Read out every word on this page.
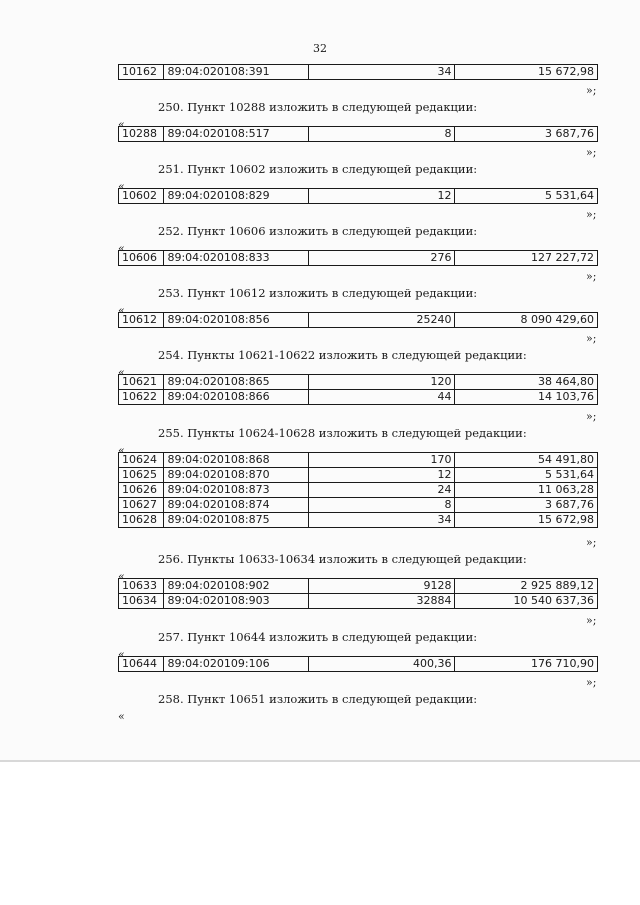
32
10162	89:04:020108:391	34	15 672,98
»;
250. Пункт 10288 изложить в следующей редакции:
«
10288	89:04:020108:517	8	3 687,76
»;
251. Пункт 10602 изложить в следующей редакции:
«
10602	89:04:020108:829	12	5 531,64
»;
252. Пункт 10606 изложить в следующей редакции:
«
10606	89:04:020108:833	276	127 227,72
»;
253. Пункт 10612 изложить в следующей редакции:
«
10612	89:04:020108:856	25240	8 090 429,60
»;
254. Пункты 10621-10622 изложить в следующей редакции:
«
10621	89:04:020108:865	120	38 464,80
10622	89:04:020108:866	44	14 103,76
»;
255. Пункты 10624-10628 изложить в следующей редакции:
«
10624	89:04:020108:868	170	54 491,80
10625	89:04:020108:870	12	5 531,64
10626	89:04:020108:873	24	11 063,28
10627	89:04:020108:874	8	3 687,76
10628	89:04:020108:875	34	15 672,98
»;
256. Пункты 10633-10634 изложить в следующей редакции:
«
10633	89:04:020108:902	9128	2 925 889,12
10634	89:04:020108:903	32884	10 540 637,36
»;
257. Пункт 10644 изложить в следующей редакции:
«
10644	89:04:020109:106	400,36	176 710,90
»;
258. Пункт 10651 изложить в следующей редакции:
«
